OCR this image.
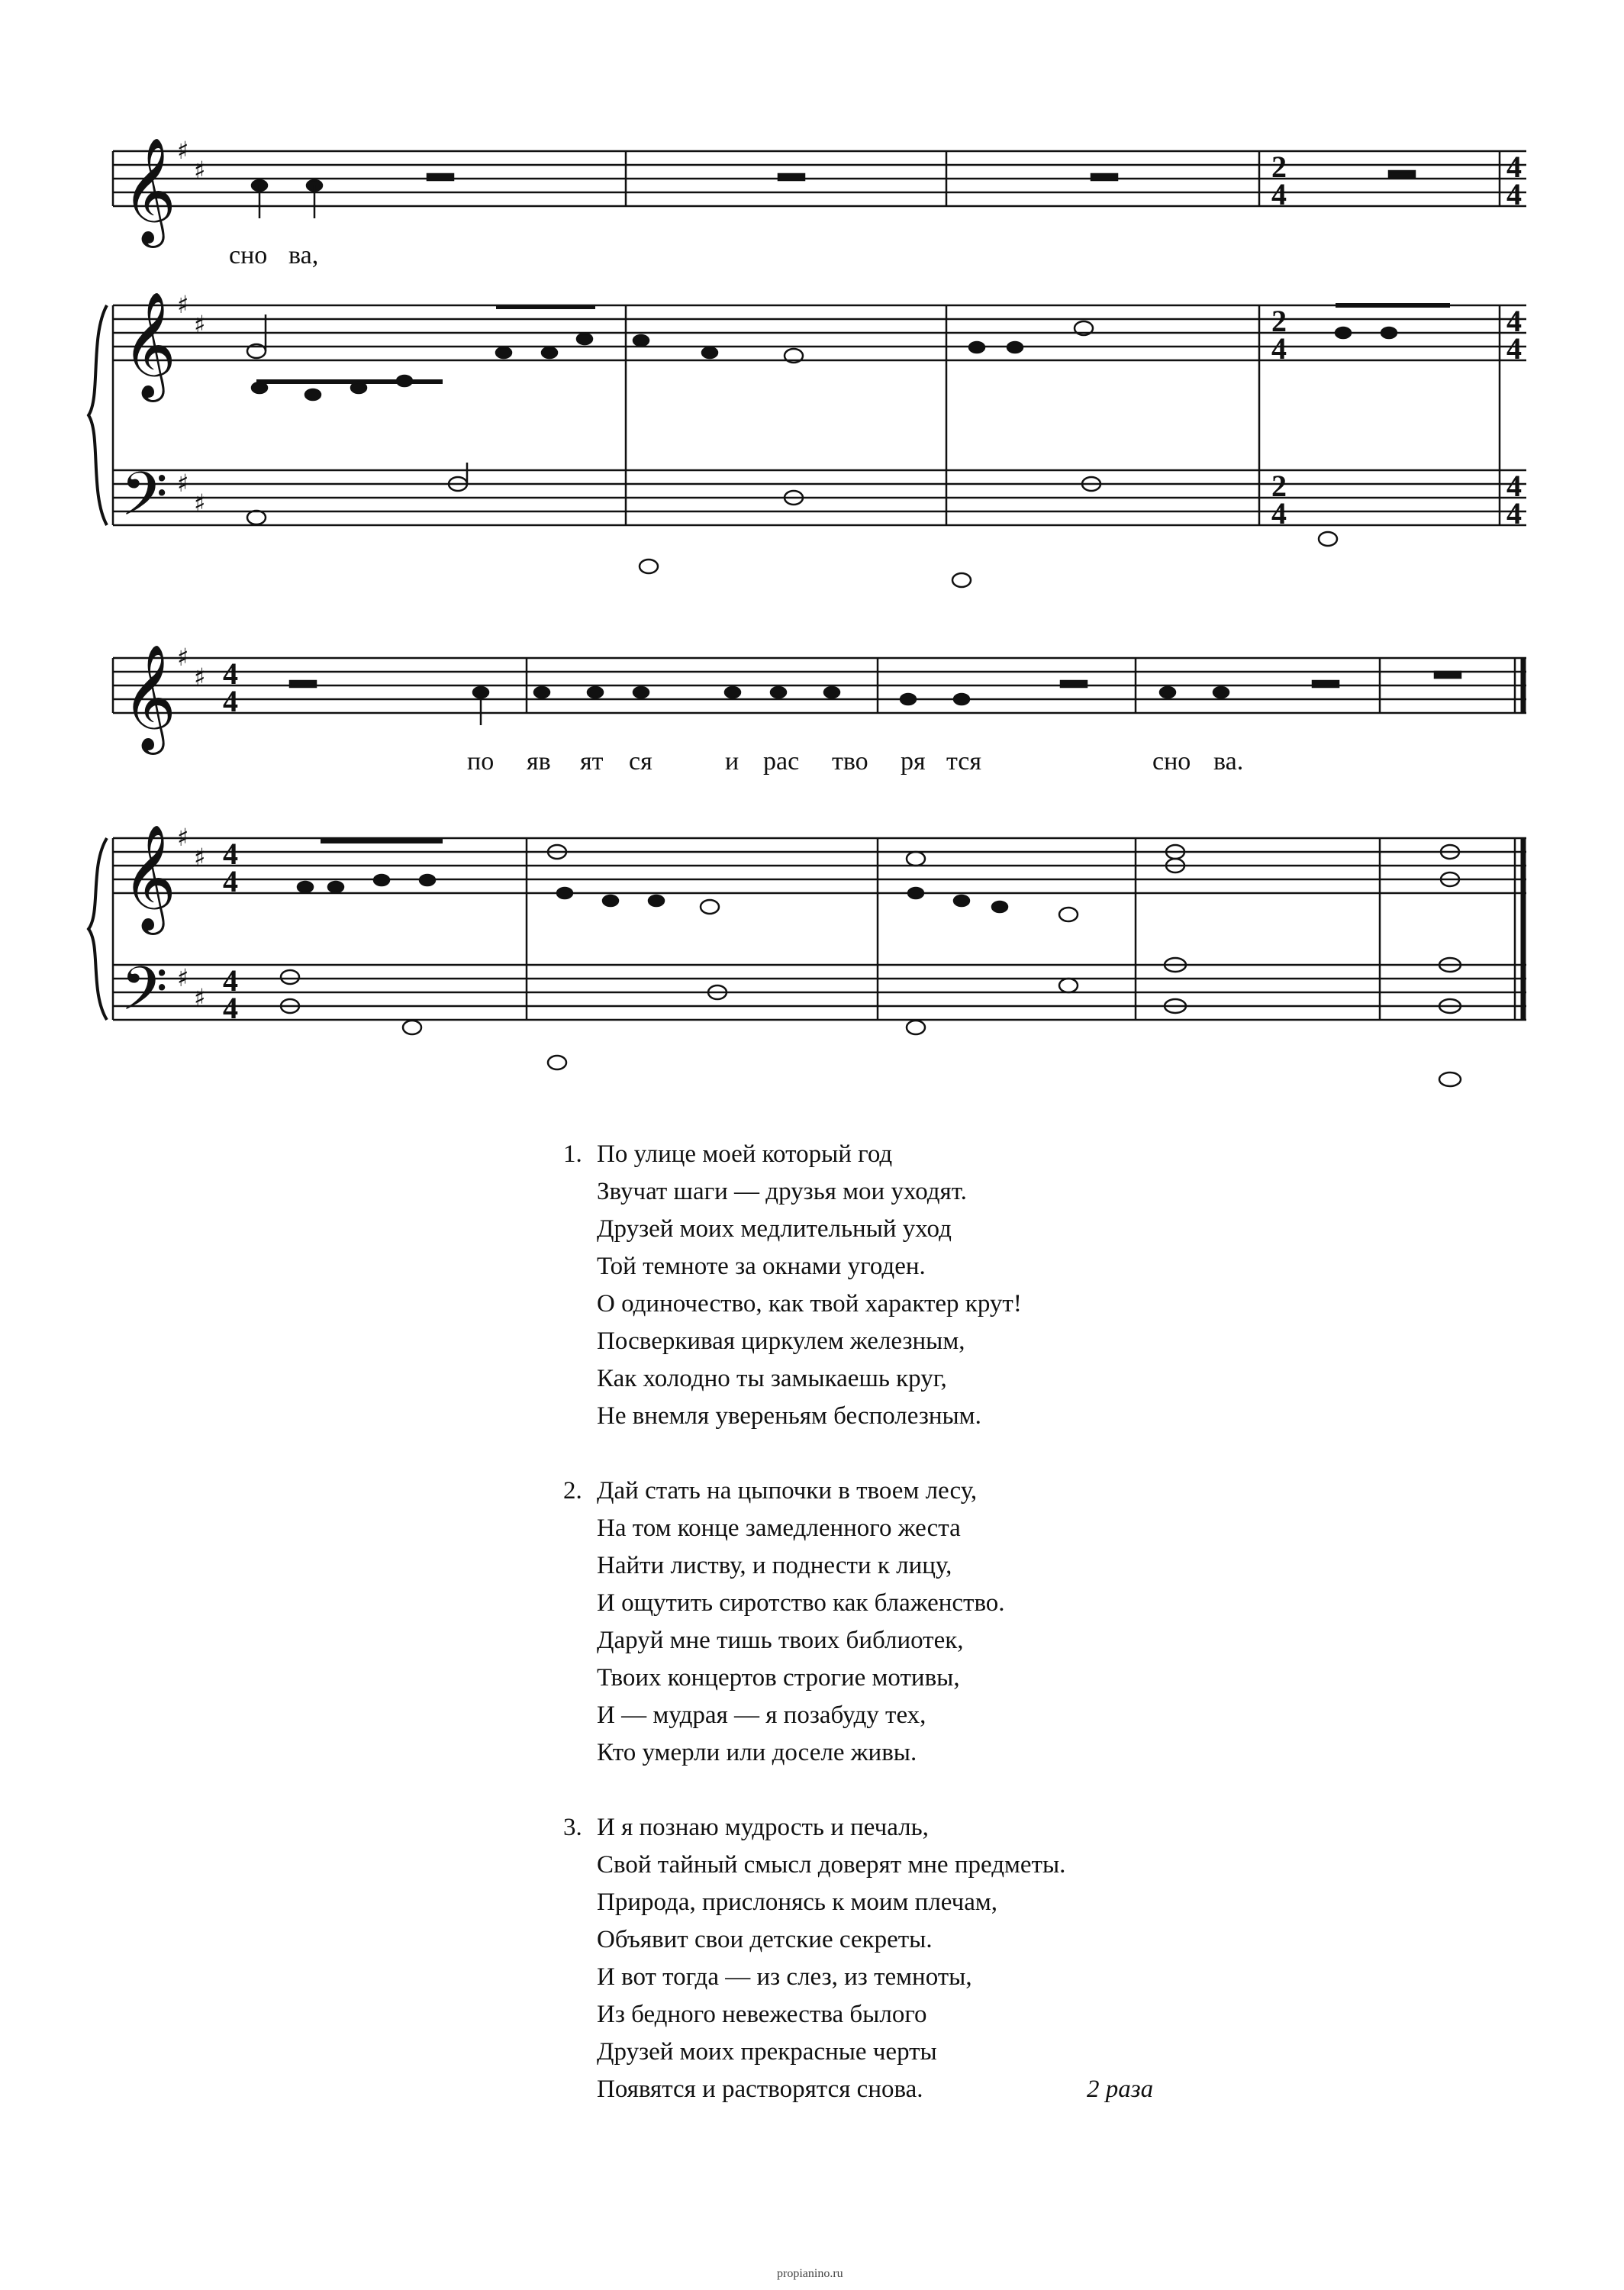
𝄞
𝄞
𝄢
𝄞
𝄞
𝄢
♯
♯
♯
♯
♯
♯
♯
♯
♯
♯
♯
♯
2
4
2
4
2
4
4
4
4
4
4
4
4
4
4
4
4
4
сно ва,
по яв ят ся	и рас тво ря тся	сно ва.
1. По улице моей который год
Звучат шаги — друзья мои уходят.
Друзей моих медлительный уход
Той темноте за окнами угоден.
О одиночество, как твой характер крут!
Посверкивая циркулем железным,
Как холодно ты замыкаешь круг,
Не внемля увереньям бесполезным.
2. Дай стать на цыпочки в твоем лесу,
На том конце замедленного жеста
Найти листву, и поднести к лицу,
И ощутить сиротство как блаженство.
Даруй мне тишь твоих библиотек,
Твоих концертов строгие мотивы,
И — мудрая — я позабуду тех,
Кто умерли или доселе живы.
3. И я познаю мудрость и печаль,
Свой тайный смысл доверят мне предметы.
Природа, прислонясь к моим плечам,
Объявит свои детские секреты.
И вот тогда — из слез, из темноты,
Из бедного невежества былого
Друзей моих прекрасные черты
Появятся и растворятся снова.	2 раза
propianino.ru
